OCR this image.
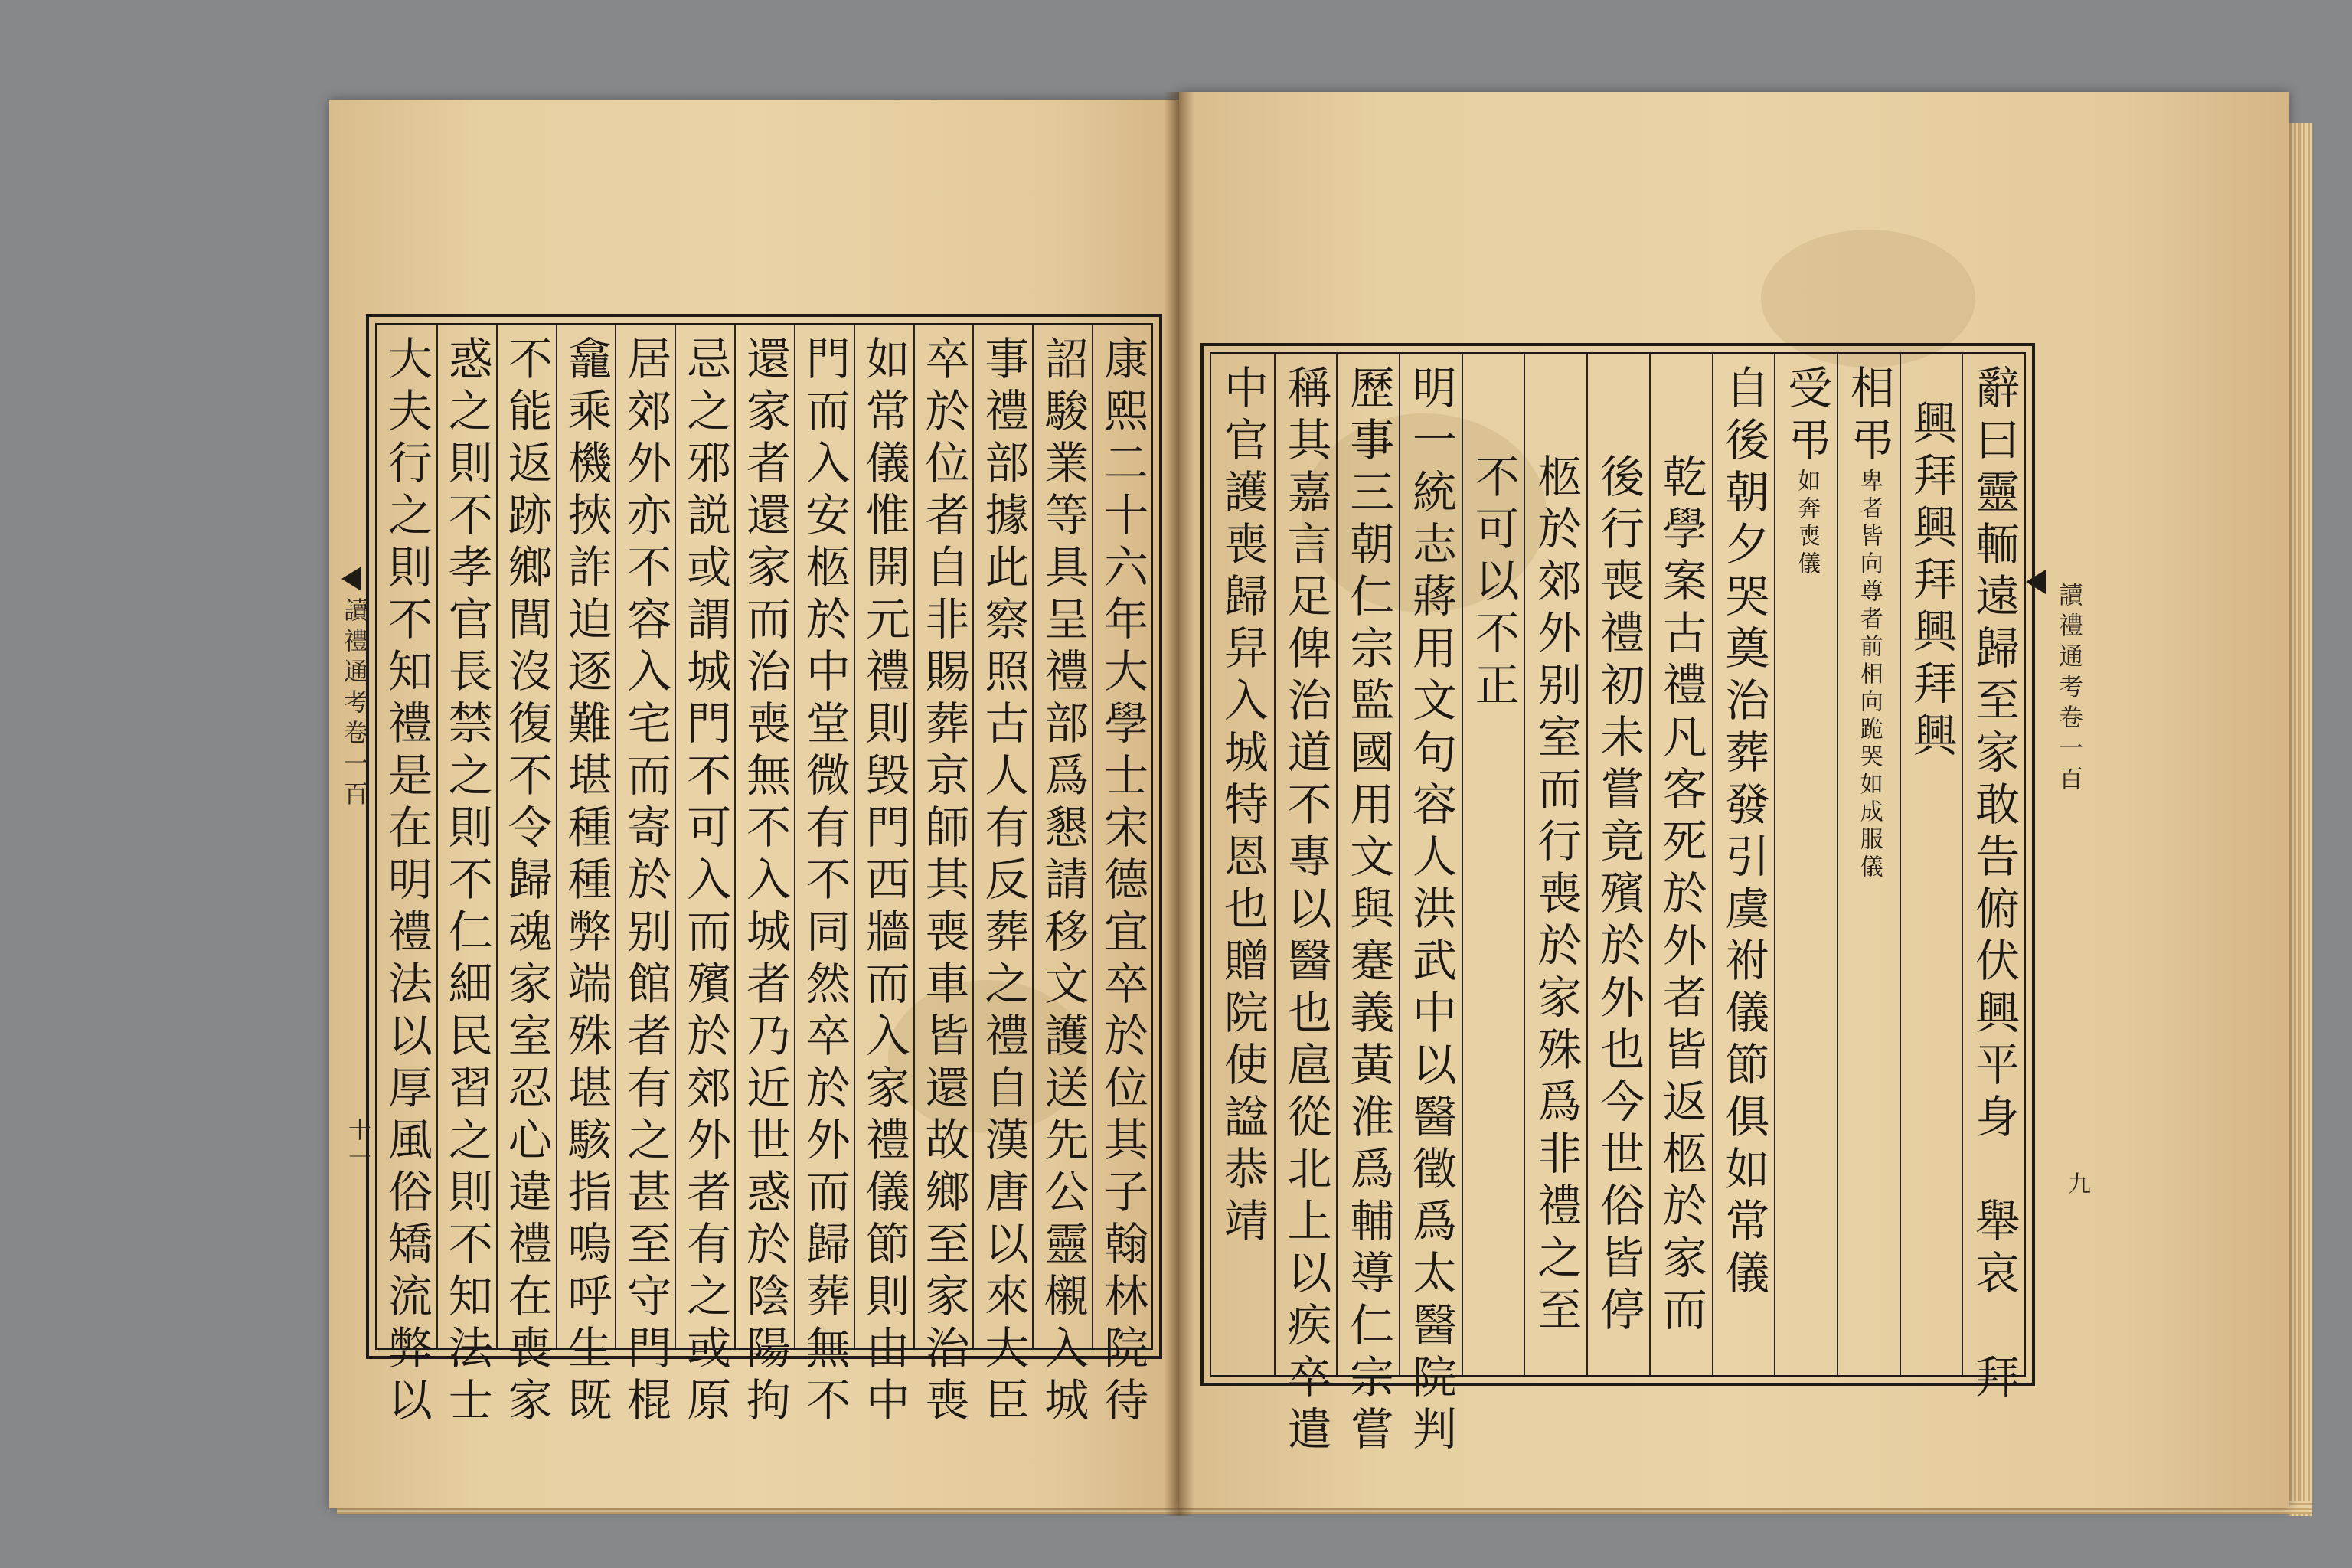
大夫行之則不知禮是在明禮法以厚風俗矯流弊以 惑之則不孝官長禁之則不仁細民習之則不知法士 不能返跡鄉閭沒復不令歸魂家室忍心違禮在喪家 龕乘機挾詐迫逐難堪種種弊端殊堪駭指嗚呼生既 居郊外亦不容入宅而寄於别館者有之甚至守門棍 忌之邪説或謂城門不可入而殯於郊外者有之或原 還家者還家而治喪無不入城者乃近世惑於陰陽拘 門而入安柩於中堂微有不同然卒於外而歸葬無不 如常儀惟開元禮則毁門西牆而入家禮儀節則由中 卒於位者自非賜葬京師其喪車皆還故鄉至家治喪 事禮部據此察照古人有反葬之禮自漢唐以來大臣 詔駿業等具呈禮部爲懇請移文護送先公靈櫬入城 康熙二十六年大學士宋德宜卒於位其子翰林院待
讀禮通考卷一百
十一	中官護喪歸舁入城特恩也贈院使諡恭靖 稱其嘉言足俾治道不專以醫也扈從北上以疾卒遣 歷事三朝仁宗監國用文與蹇義黃淮爲輔導仁宗嘗 明一統志蔣用文句容人洪武中以醫徵爲太醫院判 不可以不正 柩於郊外别室而行喪於家殊爲非禮之至 後行喪禮初未嘗竟殯於外也今世俗皆停 乾學案古禮凡客死於外者皆返柩於家而 自後朝夕哭奠治葬發引虞祔儀節俱如常儀 如奔喪儀
受弔
卑者皆向尊者前相向跪哭如成服儀
相弔 興拜興拜興拜興 辭曰靈輀遠歸至家敢告俯伏興平身　舉哀　拜 讀禮通考卷一百
九
